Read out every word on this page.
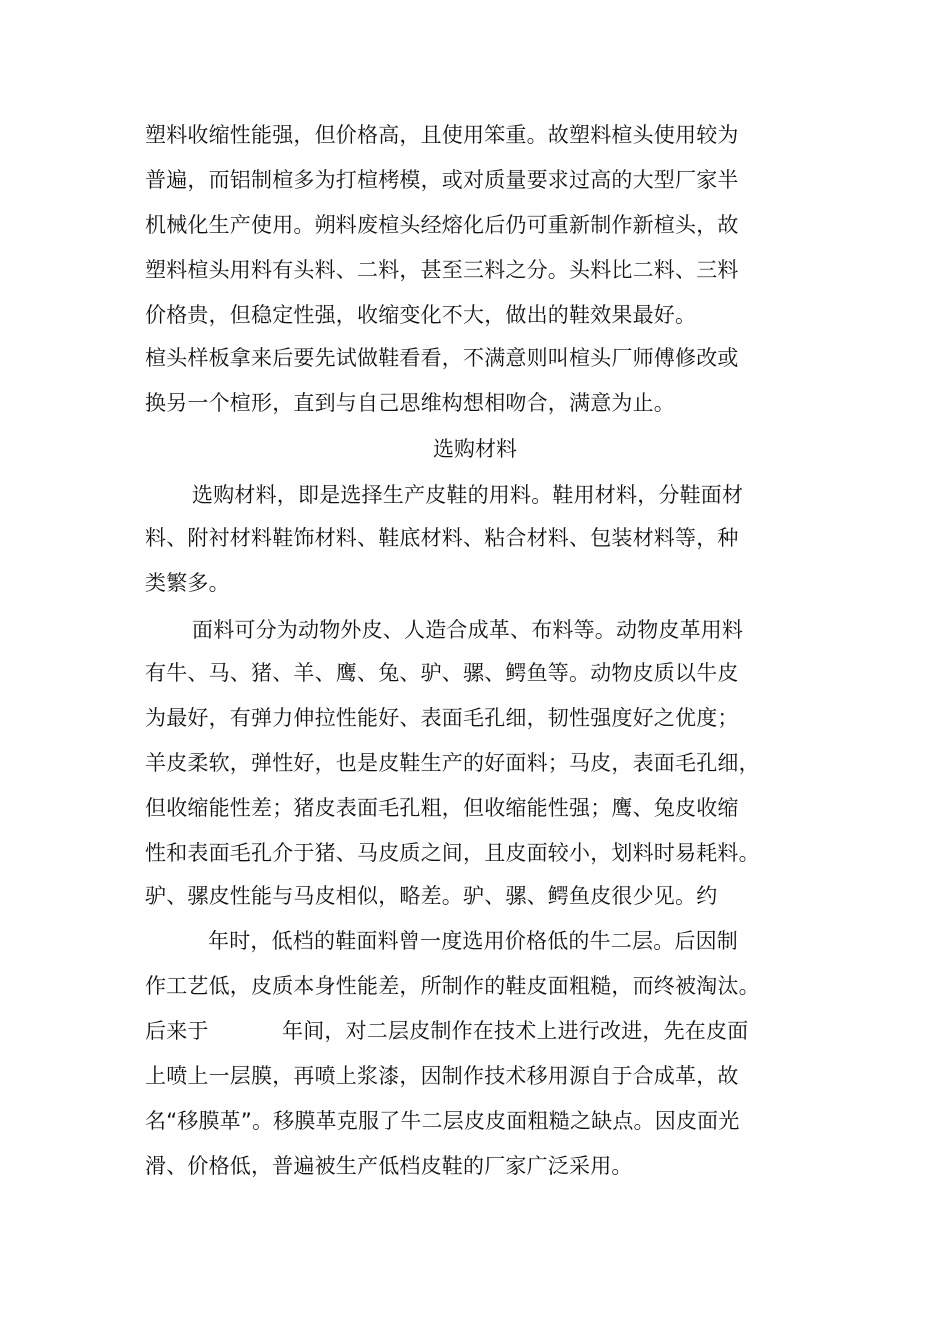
塑料收缩性能强，但价格高，且使用笨重。故塑料楦头使用较为
普遍，而铝制楦多为打楦栲模，或对质量要求过高的大型厂家半
机械化生产使用。朔料废楦头经熔化后仍可重新制作新楦头，故
塑料楦头用料有头料、二料，甚至三料之分。头料比二料、三料
价格贵，但稳定性强，收缩变化不大，做出的鞋效果最好。
楦头样板拿来后要先试做鞋看看，不满意则叫楦头厂师傅修改或
换另一个楦形，直到与自己思维构想相吻合，满意为止。
选购材料
选购材料，即是选择生产皮鞋的用料。鞋用材料，分鞋面材
料、附衬材料鞋饰材料、鞋底材料、粘合材料、包装材料等，种
类繁多。
面料可分为动物外皮、人造合成革、布料等。动物皮革用料
有牛、马、猪、羊、鹰、兔、驴、骡、鳄鱼等。动物皮质以牛皮
为最好，有弹力伸拉性能好、表面毛孔细，韧性强度好之优度；
羊皮柔软，弹性好，也是皮鞋生产的好面料；马皮，表面毛孔细，
但收缩能性差；猪皮表面毛孔粗，但收缩能性强；鹰、兔皮收缩
性和表面毛孔介于猪、马皮质之间，且皮面较小，划料时易耗料。
驴、骡皮性能与马皮相似，略差。驴、骡、鳄鱼皮很少见。约
年时，低档的鞋面料曾一度选用价格低的牛二层。后因制
作工艺低，皮质本身性能差，所制作的鞋皮面粗糙，而终被淘汰。
后来于	年间，对二层皮制作在技术上进行改进，先在皮面
上喷上一层膜，再喷上浆漆，因制作技术移用源自于合成革，故
名“移膜革”。移膜革克服了牛二层皮皮面粗糙之缺点。因皮面光
滑、价格低，普遍被生产低档皮鞋的厂家广泛采用。
